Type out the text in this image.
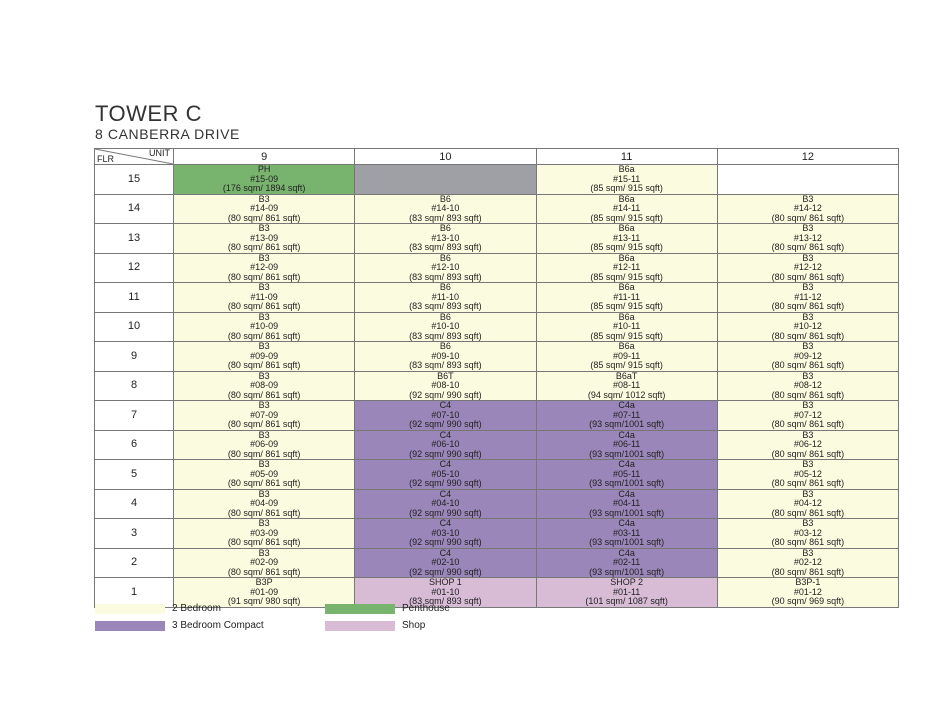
TOWER C
8 CANBERRA DRIVE
UNIT
FLR	9	10	11	12
15	PH
#15-09
(176 sqm/ 1894 sqft)		B6a
#15-11
(85 sqm/ 915 sqft)	

14	B3
#14-09
(80 sqm/ 861 sqft)	B6
#14-10
(83 sqm/ 893 sqft)	B6a
#14-11
(85 sqm/ 915 sqft)	B3
#14-12
(80 sqm/ 861 sqft)

13	B3
#13-09
(80 sqm/ 861 sqft)	B6
#13-10
(83 sqm/ 893 sqft)	B6a
#13-11
(85 sqm/ 915 sqft)	B3
#13-12
(80 sqm/ 861 sqft)

12	B3
#12-09
(80 sqm/ 861 sqft)	B6
#12-10
(83 sqm/ 893 sqft)	B6a
#12-11
(85 sqm/ 915 sqft)	B3
#12-12
(80 sqm/ 861 sqft)

11	B3
#11-09
(80 sqm/ 861 sqft)	B6
#11-10
(83 sqm/ 893 sqft)	B6a
#11-11
(85 sqm/ 915 sqft)	B3
#11-12
(80 sqm/ 861 sqft)

10	B3
#10-09
(80 sqm/ 861 sqft)	B6
#10-10
(83 sqm/ 893 sqft)	B6a
#10-11
(85 sqm/ 915 sqft)	B3
#10-12
(80 sqm/ 861 sqft)

9	B3
#09-09
(80 sqm/ 861 sqft)	B6
#09-10
(83 sqm/ 893 sqft)	B6a
#09-11
(85 sqm/ 915 sqft)	B3
#09-12
(80 sqm/ 861 sqft)

8	B3
#08-09
(80 sqm/ 861 sqft)	B6T
#08-10
(92 sqm/ 990 sqft)	B6aT
#08-11
(94 sqm/ 1012 sqft)	B3
#08-12
(80 sqm/ 861 sqft)

7	B3
#07-09
(80 sqm/ 861 sqft)	C4
#07-10
(92 sqm/ 990 sqft)	C4a
#07-11
(93 sqm/1001 sqft)	B3
#07-12
(80 sqm/ 861 sqft)

6	B3
#06-09
(80 sqm/ 861 sqft)	C4
#06-10
(92 sqm/ 990 sqft)	C4a
#06-11
(93 sqm/1001 sqft)	B3
#06-12
(80 sqm/ 861 sqft)

5	B3
#05-09
(80 sqm/ 861 sqft)	C4
#05-10
(92 sqm/ 990 sqft)	C4a
#05-11
(93 sqm/1001 sqft)	B3
#05-12
(80 sqm/ 861 sqft)

4	B3
#04-09
(80 sqm/ 861 sqft)	C4
#04-10
(92 sqm/ 990 sqft)	C4a
#04-11
(93 sqm/1001 sqft)	B3
#04-12
(80 sqm/ 861 sqft)

3	B3
#03-09
(80 sqm/ 861 sqft)	C4
#03-10
(92 sqm/ 990 sqft)	C4a
#03-11
(93 sqm/1001 sqft)	B3
#03-12
(80 sqm/ 861 sqft)

2	B3
#02-09
(80 sqm/ 861 sqft)	C4
#02-10
(92 sqm/ 990 sqft)	C4a
#02-11
(93 sqm/1001 sqft)	B3
#02-12
(80 sqm/ 861 sqft)

1	B3P
#01-09
(91 sqm/ 980 sqft)	SHOP 1
#01-10
(83 sqm/ 893 sqft)	SHOP 2
#01-11
(101 sqm/ 1087 sqft)	B3P-1
#01-12
(90 sqm/ 969 sqft)
2 Bedroom	Penthouse
3 Bedroom Compact	Shop
